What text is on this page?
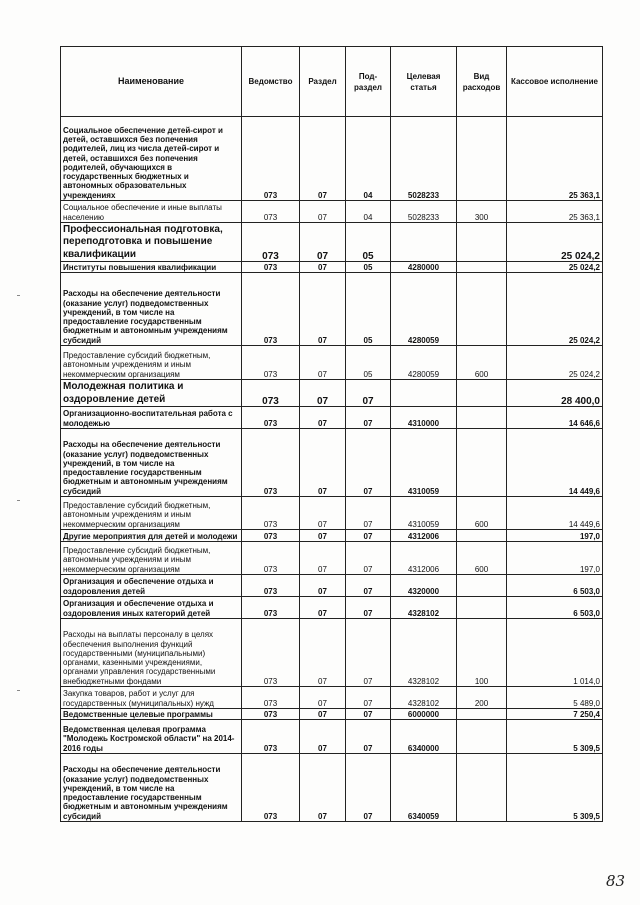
Наименование	Ведомство	Раздел	Под-раздел	Целевая статья	Вид расходов	Кассовое исполнение
Социальное обеспечение детей-сирот и детей, оставшихся без попечения родителей, лиц из числа детей-сирот и детей, оставшихся без попечения родителей, обучающихся в государственных бюджетных и автономных образовательных учреждениях	073	07	04	5028233		25 363,1
Социальное обеспечение и иные выплаты населению	073	07	04	5028233	300	25 363,1
Профессиональная подготовка, переподготовка и повышение квалификации	073	07	05			25 024,2
Институты повышения квалификации	073	07	05	4280000		25 024,2
Расходы на обеспечение деятельности (оказание услуг) подведомственных учреждений, в том числе на предоставление государственным бюджетным и автономным учреждениям субсидий	073	07	05	4280059		25 024,2
Предоставление субсидий бюджетным, автономным учреждениям и иным некоммерческим организациям	073	07	05	4280059	600	25 024,2
Молодежная политика и оздоровление детей	073	07	07			28 400,0
Организационно-воспитательная работа с молодежью	073	07	07	4310000		14 646,6
Расходы на обеспечение деятельности (оказание услуг) подведомственных учреждений, в том числе на предоставление государственным бюджетным и автономным учреждениям субсидий	073	07	07	4310059		14 449,6
Предоставление субсидий бюджетным, автономным учреждениям и иным некоммерческим организациям	073	07	07	4310059	600	14 449,6
Другие мероприятия для детей и молодежи	073	07	07	4312006		197,0
Предоставление субсидий бюджетным, автономным учреждениям и иным некоммерческим организациям	073	07	07	4312006	600	197,0
Организация и обеспечение отдыха и оздоровления детей	073	07	07	4320000		6 503,0
Организация и обеспечение отдыха и оздоровления иных категорий детей	073	07	07	4328102		6 503,0
Расходы на выплаты персоналу в целях обеспечения выполнения функций государственными (муниципальными) органами, казенными учреждениями, органами управления государственными внебюджетными фондами	073	07	07	4328102	100	1 014,0
Закупка товаров, работ и услуг для государственных (муниципальных) нужд	073	07	07	4328102	200	5 489,0
Ведомственные целевые программы	073	07	07	6000000		7 250,4
Ведомственная целевая программа "Молодежь Костромской области" на 2014-2016 годы	073	07	07	6340000		5 309,5
Расходы на обеспечение деятельности (оказание услуг) подведомственных учреждений, в том числе на предоставление государственным бюджетным и автономным учреждениям субсидий	073	07	07	6340059		5 309,5
83
